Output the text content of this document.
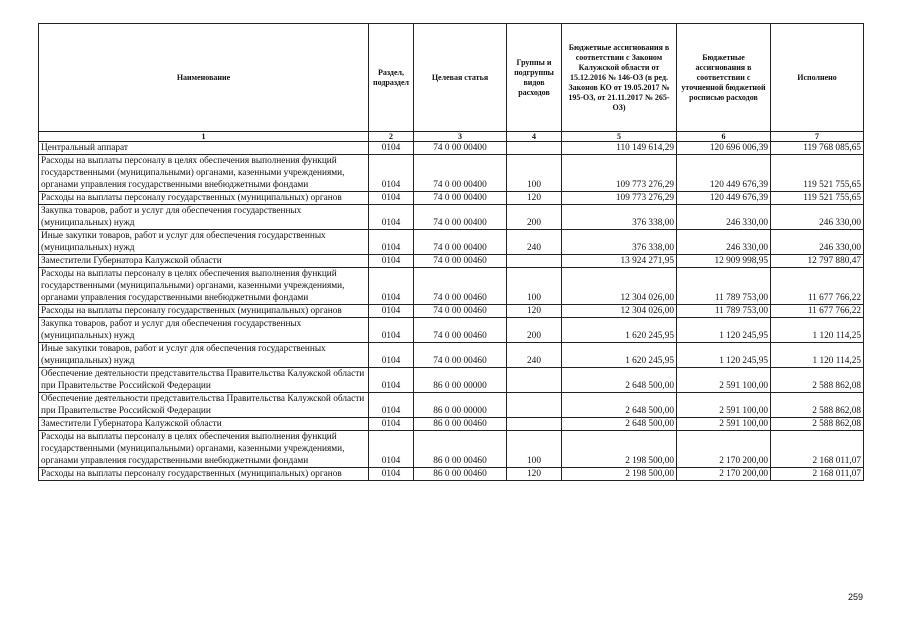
Наименование	Раздел, подраздел	Целевая статья	Группы и подгруппы видов расходов	Бюджетные ассигнования в соответствии с Законом Калужской области от 15.12.2016 № 146-ОЗ (в ред. Законов КО от 19.05.2017 № 195-ОЗ, от 21.11.2017 № 265-ОЗ)	Бюджетные ассигнования в соответствии с уточненной бюджетной росписью расходов	Исполнено
1	2	3	4	5	6	7
Центральный аппарат	0104	74 0 00 00400		110 149 614,29	120 696 006,39	119 768 085,65
Расходы на выплаты персоналу в целях обеспечения выполнения функций государственными (муниципальными) органами, казенными учреждениями, органами управления государственными внебюджетными фондами	0104	74 0 00 00400	100	109 773 276,29	120 449 676,39	119 521 755,65
Расходы на выплаты персоналу государственных (муниципальных) органов	0104	74 0 00 00400	120	109 773 276,29	120 449 676,39	119 521 755,65
Закупка товаров, работ и услуг для обеспечения государственных (муниципальных) нужд	0104	74 0 00 00400	200	376 338,00	246 330,00	246 330,00
Иные закупки товаров, работ и услуг для обеспечения государственных (муниципальных) нужд	0104	74 0 00 00400	240	376 338,00	246 330,00	246 330,00
Заместители Губернатора Калужской области	0104	74 0 00 00460		13 924 271,95	12 909 998,95	12 797 880,47
Расходы на выплаты персоналу в целях обеспечения выполнения функций государственными (муниципальными) органами, казенными учреждениями, органами управления государственными внебюджетными фондами	0104	74 0 00 00460	100	12 304 026,00	11 789 753,00	11 677 766,22
Расходы на выплаты персоналу государственных (муниципальных) органов	0104	74 0 00 00460	120	12 304 026,00	11 789 753,00	11 677 766,22
Закупка товаров, работ и услуг для обеспечения государственных (муниципальных) нужд	0104	74 0 00 00460	200	1 620 245,95	1 120 245,95	1 120 114,25
Иные закупки товаров, работ и услуг для обеспечения государственных (муниципальных) нужд	0104	74 0 00 00460	240	1 620 245,95	1 120 245,95	1 120 114,25
Обеспечение деятельности представительства Правительства Калужской области при Правительстве Российской Федерации	0104	86 0 00 00000		2 648 500,00	2 591 100,00	2 588 862,08
Обеспечение деятельности представительства Правительства Калужской области при Правительстве Российской Федерации	0104	86 0 00 00000		2 648 500,00	2 591 100,00	2 588 862,08
Заместители Губернатора Калужской области	0104	86 0 00 00460		2 648 500,00	2 591 100,00	2 588 862,08
Расходы на выплаты персоналу в целях обеспечения выполнения функций государственными (муниципальными) органами, казенными учреждениями, органами управления государственными внебюджетными фондами	0104	86 0 00 00460	100	2 198 500,00	2 170 200,00	2 168 011,07
Расходы на выплаты персоналу государственных (муниципальных) органов	0104	86 0 00 00460	120	2 198 500,00	2 170 200,00	2 168 011,07
259
